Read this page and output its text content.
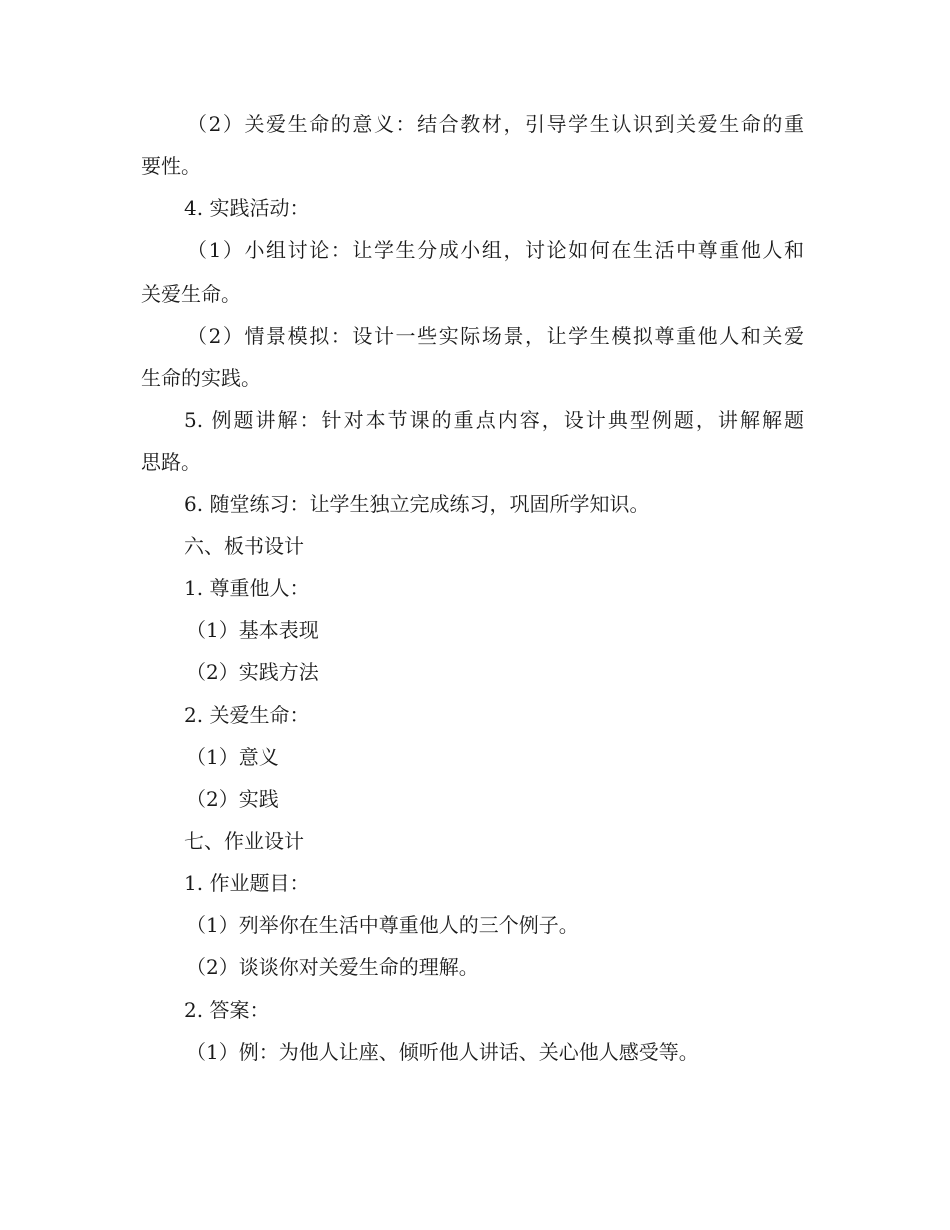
（2）关爱生命的意义：结合教材，引导学生认识到关爱生命的重
要性。
4. 实践活动：
（1）小组讨论：让学生分成小组，讨论如何在生活中尊重他人和
关爱生命。
（2）情景模拟：设计一些实际场景，让学生模拟尊重他人和关爱
生命的实践。
5. 例题讲解：针对本节课的重点内容，设计典型例题，讲解解题
思路。
6. 随堂练习：让学生独立完成练习，巩固所学知识。
六、板书设计
1. 尊重他人：
（1）基本表现
（2）实践方法
2. 关爱生命：
（1）意义
（2）实践
七、作业设计
1. 作业题目：
（1）列举你在生活中尊重他人的三个例子。
（2）谈谈你对关爱生命的理解。
2. 答案：
（1）例：为他人让座、倾听他人讲话、关心他人感受等。
